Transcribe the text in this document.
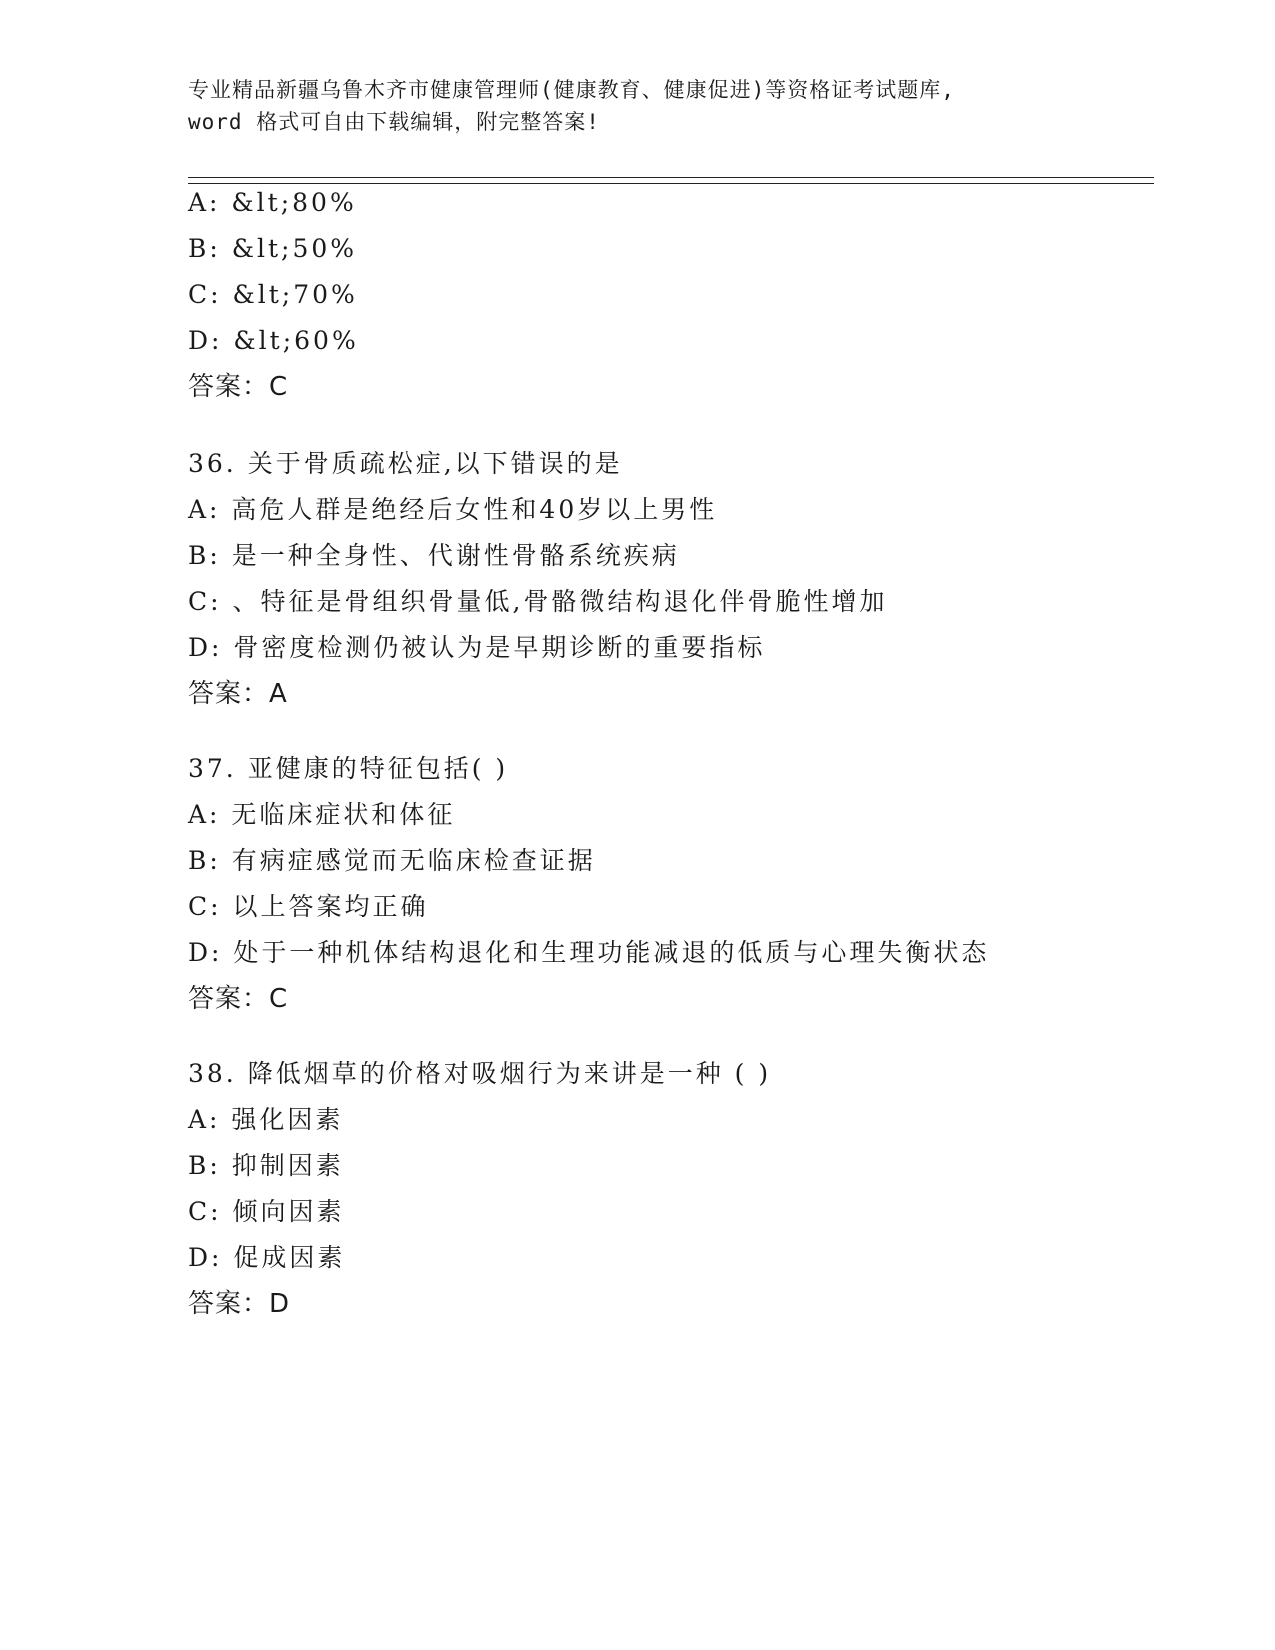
专业精品新疆乌鲁木齐市健康管理师(健康教育、健康促进)等资格证考试题库,
word 格式可自由下载编辑，附完整答案!
A: &lt;80%
B: &lt;50%
C: &lt;70%
D: &lt;60%
答案：C
36. 关于骨质疏松症,以下错误的是
A: 高危人群是绝经后女性和40岁以上男性
B: 是一种全身性、代谢性骨骼系统疾病
C: 、特征是骨组织骨量低,骨骼微结构退化伴骨脆性增加
D: 骨密度检测仍被认为是早期诊断的重要指标
答案：A
37. 亚健康的特征包括( )
A: 无临床症状和体征
B: 有病症感觉而无临床检查证据
C: 以上答案均正确
D: 处于一种机体结构退化和生理功能减退的低质与心理失衡状态
答案：C
38. 降低烟草的价格对吸烟行为来讲是一种 ( )
A: 强化因素
B: 抑制因素
C: 倾向因素
D: 促成因素
答案：D
